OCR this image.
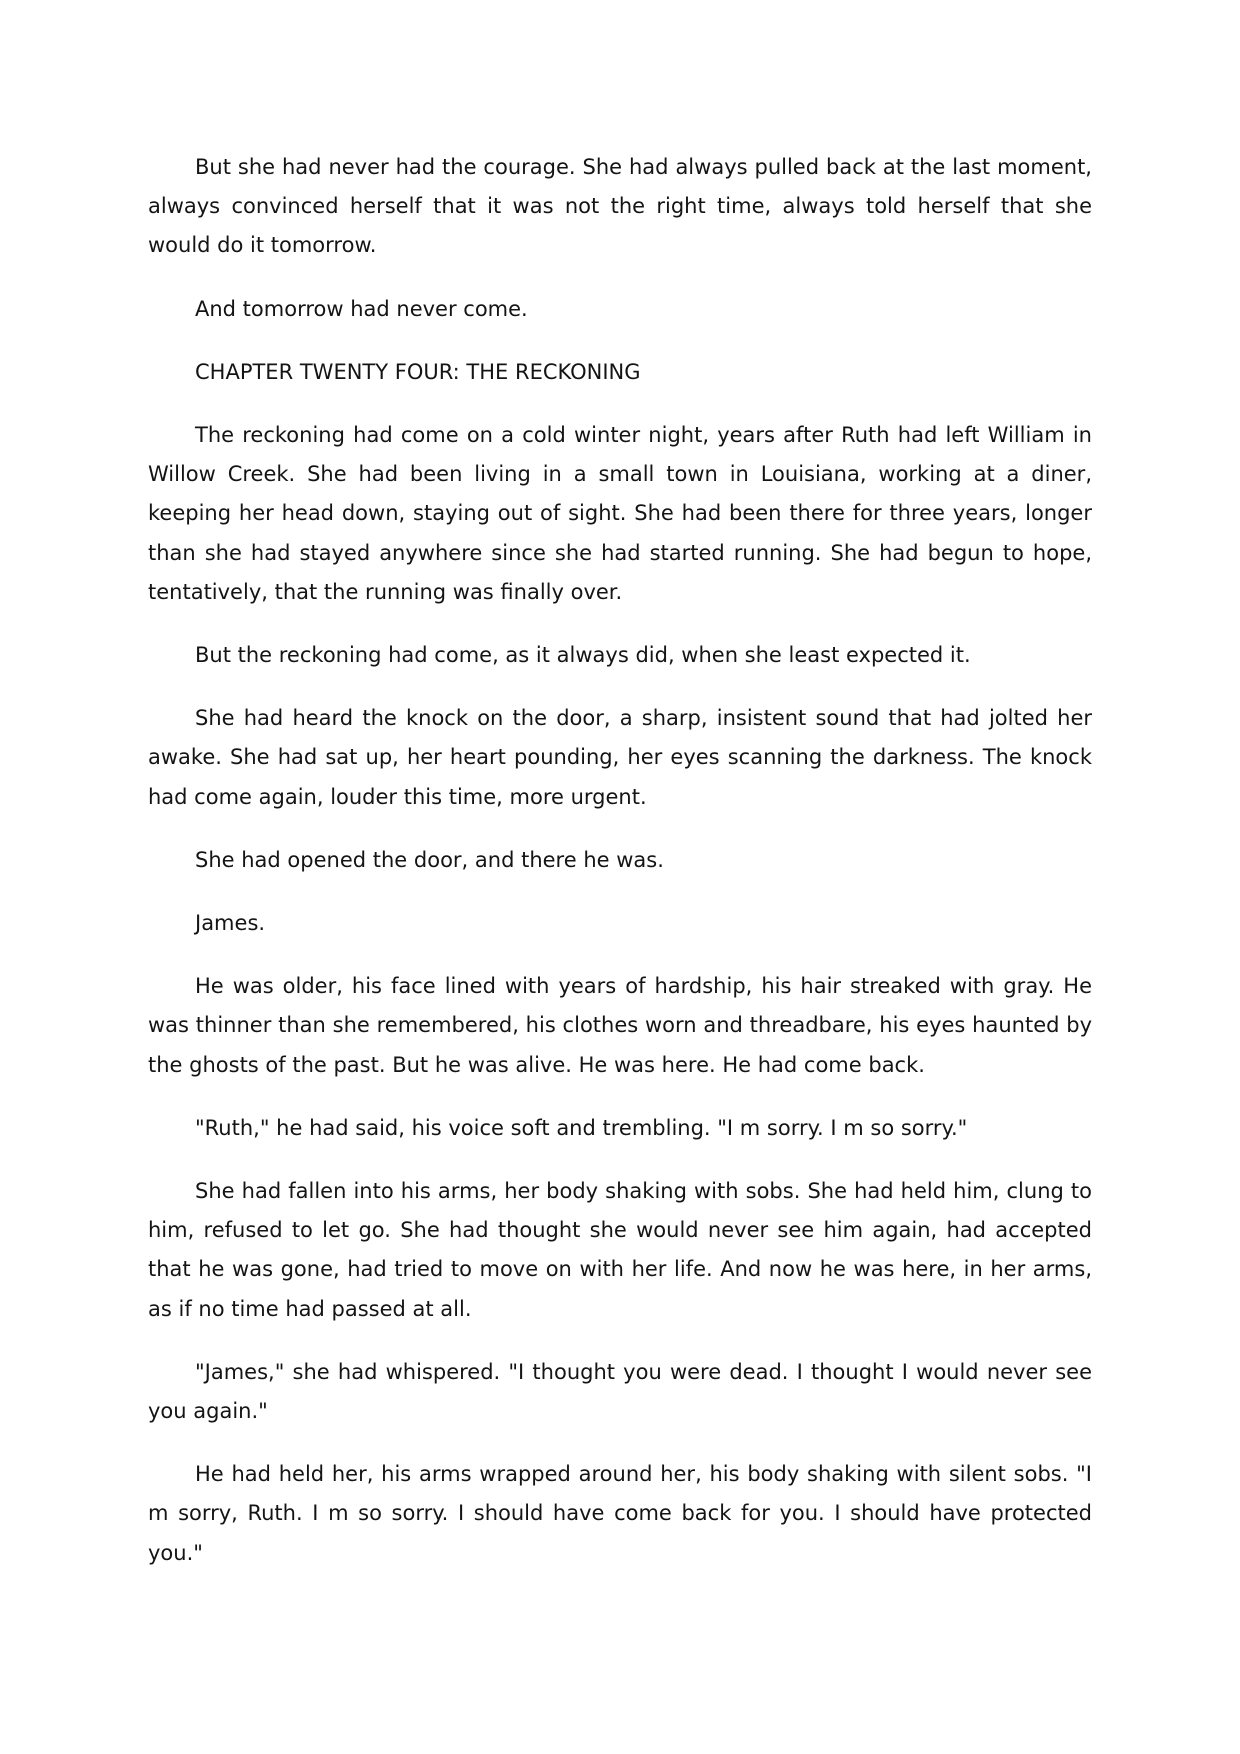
But she had never had the courage. She had always pulled back at the last moment, always convinced herself that it was not the right time, always told herself that she would do it tomorrow.

And tomorrow had never come.

CHAPTER TWENTY FOUR: THE RECKONING

The reckoning had come on a cold winter night, years after Ruth had left William in Willow Creek. She had been living in a small town in Louisiana, working at a diner, keeping her head down, staying out of sight. She had been there for three years, longer than she had stayed anywhere since she had started running. She had begun to hope, tentatively, that the running was finally over.

But the reckoning had come, as it always did, when she least expected it.

She had heard the knock on the door, a sharp, insistent sound that had jolted her awake. She had sat up, her heart pounding, her eyes scanning the darkness. The knock had come again, louder this time, more urgent.

She had opened the door, and there he was.

James.

He was older, his face lined with years of hardship, his hair streaked with gray. He was thinner than she remembered, his clothes worn and threadbare, his eyes haunted by the ghosts of the past. But he was alive. He was here. He had come back.

"Ruth," he had said, his voice soft and trembling. "I m sorry. I m so sorry."

She had fallen into his arms, her body shaking with sobs. She had held him, clung to him, refused to let go. She had thought she would never see him again, had accepted that he was gone, had tried to move on with her life. And now he was here, in her arms, as if no time had passed at all.

"James," she had whispered. "I thought you were dead. I thought I would never see you again."

He had held her, his arms wrapped around her, his body shaking with silent sobs. "I m sorry, Ruth. I m so sorry. I should have come back for you. I should have protected you."
